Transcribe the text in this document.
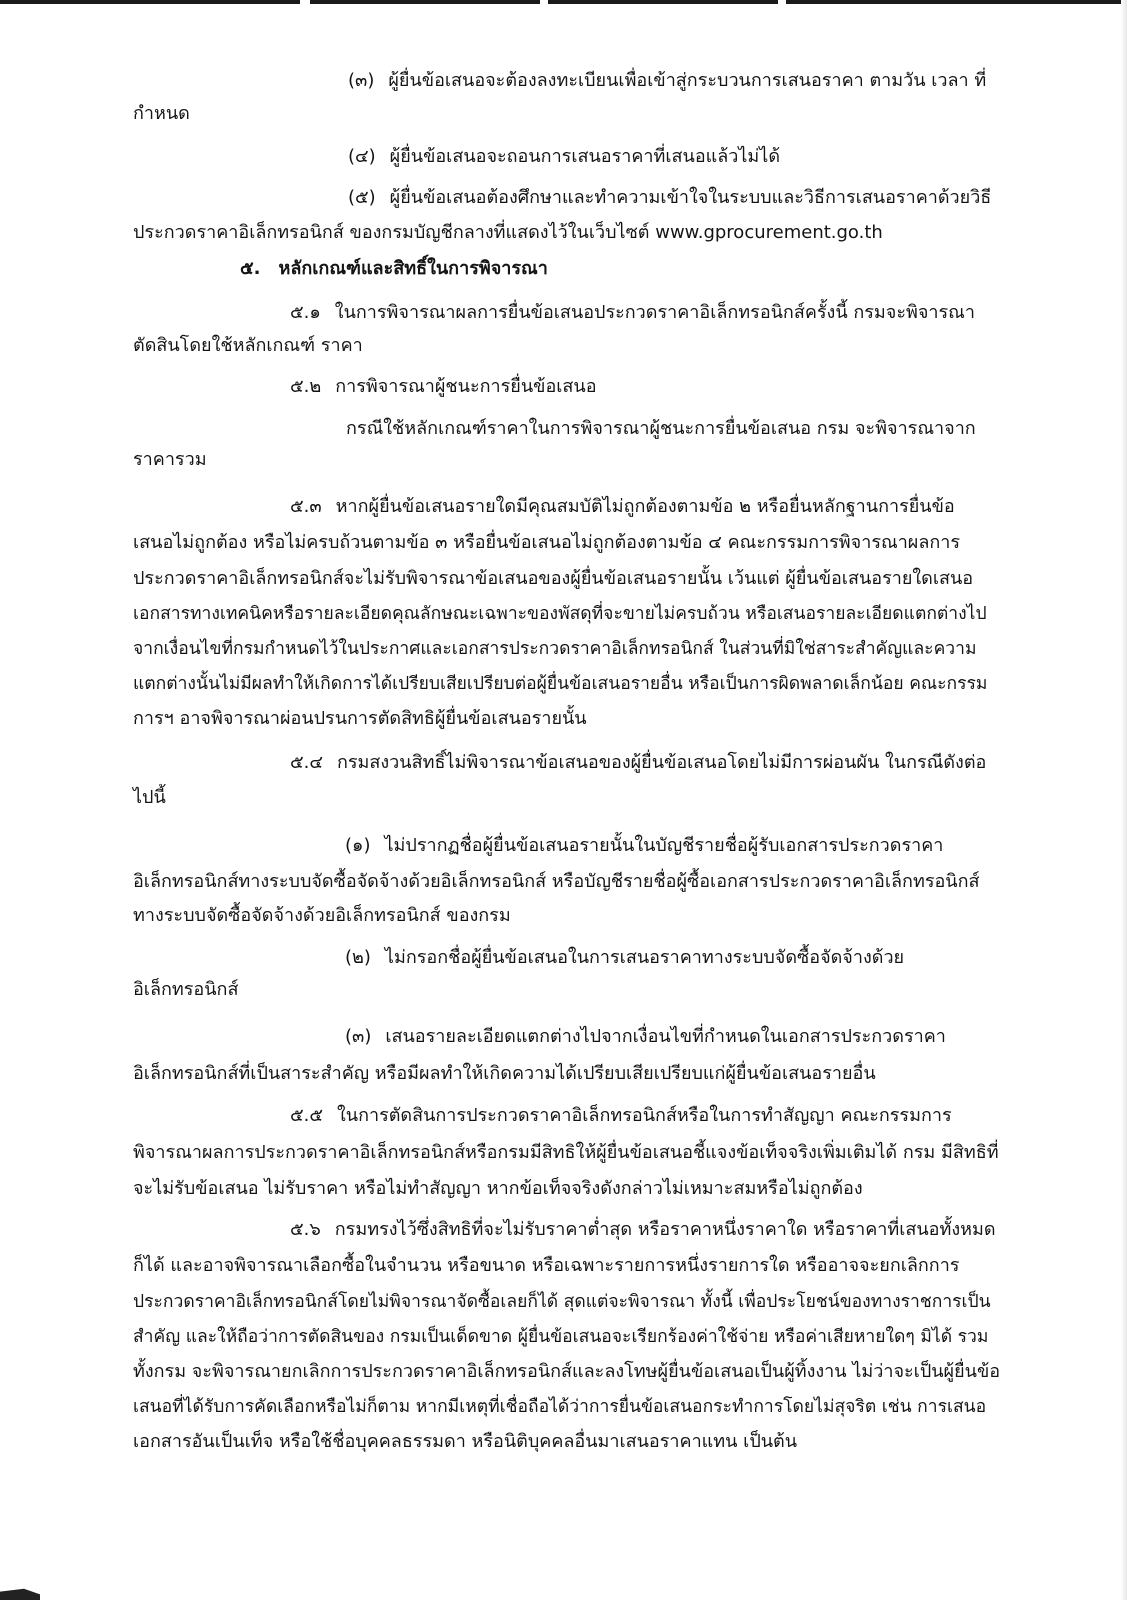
(๓) ผู้ยื่นข้อเสนอจะต้องลงทะเบียนเพื่อเข้าสู่กระบวนการเสนอราคา ตามวัน เวลา ที่
กำหนด
(๔) ผู้ยื่นข้อเสนอจะถอนการเสนอราคาที่เสนอแล้วไม่ได้
(๕) ผู้ยื่นข้อเสนอต้องศึกษาและทำความเข้าใจในระบบและวิธีการเสนอราคาด้วยวิธี
ประกวดราคาอิเล็กทรอนิกส์ ของกรมบัญชีกลางที่แสดงไว้ในเว็บไซต์ www.gprocurement.go.th
๕. หลักเกณฑ์และสิทธิ์ในการพิจารณา
๕.๑ ในการพิจารณาผลการยื่นข้อเสนอประกวดราคาอิเล็กทรอนิกส์ครั้งนี้ กรมจะพิจารณา
ตัดสินโดยใช้หลักเกณฑ์ ราคา
๕.๒ การพิจารณาผู้ชนะการยื่นข้อเสนอ
กรณีใช้หลักเกณฑ์ราคาในการพิจารณาผู้ชนะการยื่นข้อเสนอ กรม จะพิจารณาจาก
ราคารวม
๕.๓ หากผู้ยื่นข้อเสนอรายใดมีคุณสมบัติไม่ถูกต้องตามข้อ ๒ หรือยื่นหลักฐานการยื่นข้อ
เสนอไม่ถูกต้อง หรือไม่ครบถ้วนตามข้อ ๓ หรือยื่นข้อเสนอไม่ถูกต้องตามข้อ ๔ คณะกรรมการพิจารณาผลการ
ประกวดราคาอิเล็กทรอนิกส์จะไม่รับพิจารณาข้อเสนอของผู้ยื่นข้อเสนอรายนั้น เว้นแต่ ผู้ยื่นข้อเสนอรายใดเสนอ
เอกสารทางเทคนิคหรือรายละเอียดคุณลักษณะเฉพาะของพัสดุที่จะขายไม่ครบถ้วน หรือเสนอรายละเอียดแตกต่างไป
จากเงื่อนไขที่กรมกำหนดไว้ในประกาศและเอกสารประกวดราคาอิเล็กทรอนิกส์ ในส่วนที่มิใช่สาระสำคัญและความ
แตกต่างนั้นไม่มีผลทำให้เกิดการได้เปรียบเสียเปรียบต่อผู้ยื่นข้อเสนอรายอื่น หรือเป็นการผิดพลาดเล็กน้อย คณะกรรม
การฯ อาจพิจารณาผ่อนปรนการตัดสิทธิผู้ยื่นข้อเสนอรายนั้น
๕.๔ กรมสงวนสิทธิ์ไม่พิจารณาข้อเสนอของผู้ยื่นข้อเสนอโดยไม่มีการผ่อนผัน ในกรณีดังต่อ
ไปนี้
(๑) ไม่ปรากฏชื่อผู้ยื่นข้อเสนอรายนั้นในบัญชีรายชื่อผู้รับเอกสารประกวดราคา
อิเล็กทรอนิกส์ทางระบบจัดซื้อจัดจ้างด้วยอิเล็กทรอนิกส์ หรือบัญชีรายชื่อผู้ซื้อเอกสารประกวดราคาอิเล็กทรอนิกส์
ทางระบบจัดซื้อจัดจ้างด้วยอิเล็กทรอนิกส์ ของกรม
(๒) ไม่กรอกชื่อผู้ยื่นข้อเสนอในการเสนอราคาทางระบบจัดซื้อจัดจ้างด้วย
อิเล็กทรอนิกส์
(๓) เสนอรายละเอียดแตกต่างไปจากเงื่อนไขที่กำหนดในเอกสารประกวดราคา
อิเล็กทรอนิกส์ที่เป็นสาระสำคัญ หรือมีผลทำให้เกิดความได้เปรียบเสียเปรียบแก่ผู้ยื่นข้อเสนอรายอื่น
๕.๕ ในการตัดสินการประกวดราคาอิเล็กทรอนิกส์หรือในการทำสัญญา คณะกรรมการ
พิจารณาผลการประกวดราคาอิเล็กทรอนิกส์หรือกรมมีสิทธิให้ผู้ยื่นข้อเสนอชี้แจงข้อเท็จจริงเพิ่มเติมได้ กรม มีสิทธิที่
จะไม่รับข้อเสนอ ไม่รับราคา หรือไม่ทำสัญญา หากข้อเท็จจริงดังกล่าวไม่เหมาะสมหรือไม่ถูกต้อง
๕.๖ กรมทรงไว้ซึ่งสิทธิที่จะไม่รับราคาต่ำสุด หรือราคาหนึ่งราคาใด หรือราคาที่เสนอทั้งหมด
ก็ได้ และอาจพิจารณาเลือกซื้อในจำนวน หรือขนาด หรือเฉพาะรายการหนึ่งรายการใด หรืออาจจะยกเลิกการ
ประกวดราคาอิเล็กทรอนิกส์โดยไม่พิจารณาจัดซื้อเลยก็ได้ สุดแต่จะพิจารณา ทั้งนี้ เพื่อประโยชน์ของทางราชการเป็น
สำคัญ และให้ถือว่าการตัดสินของ กรมเป็นเด็ดขาด ผู้ยื่นข้อเสนอจะเรียกร้องค่าใช้จ่าย หรือค่าเสียหายใดๆ มิได้ รวม
ทั้งกรม จะพิจารณายกเลิกการประกวดราคาอิเล็กทรอนิกส์และลงโทษผู้ยื่นข้อเสนอเป็นผู้ทิ้งงาน ไม่ว่าจะเป็นผู้ยื่นข้อ
เสนอที่ได้รับการคัดเลือกหรือไม่ก็ตาม หากมีเหตุที่เชื่อถือได้ว่าการยื่นข้อเสนอกระทำการโดยไม่สุจริต เช่น การเสนอ
เอกสารอันเป็นเท็จ หรือใช้ชื่อบุคคลธรรมดา หรือนิติบุคคลอื่นมาเสนอราคาแทน เป็นต้น
